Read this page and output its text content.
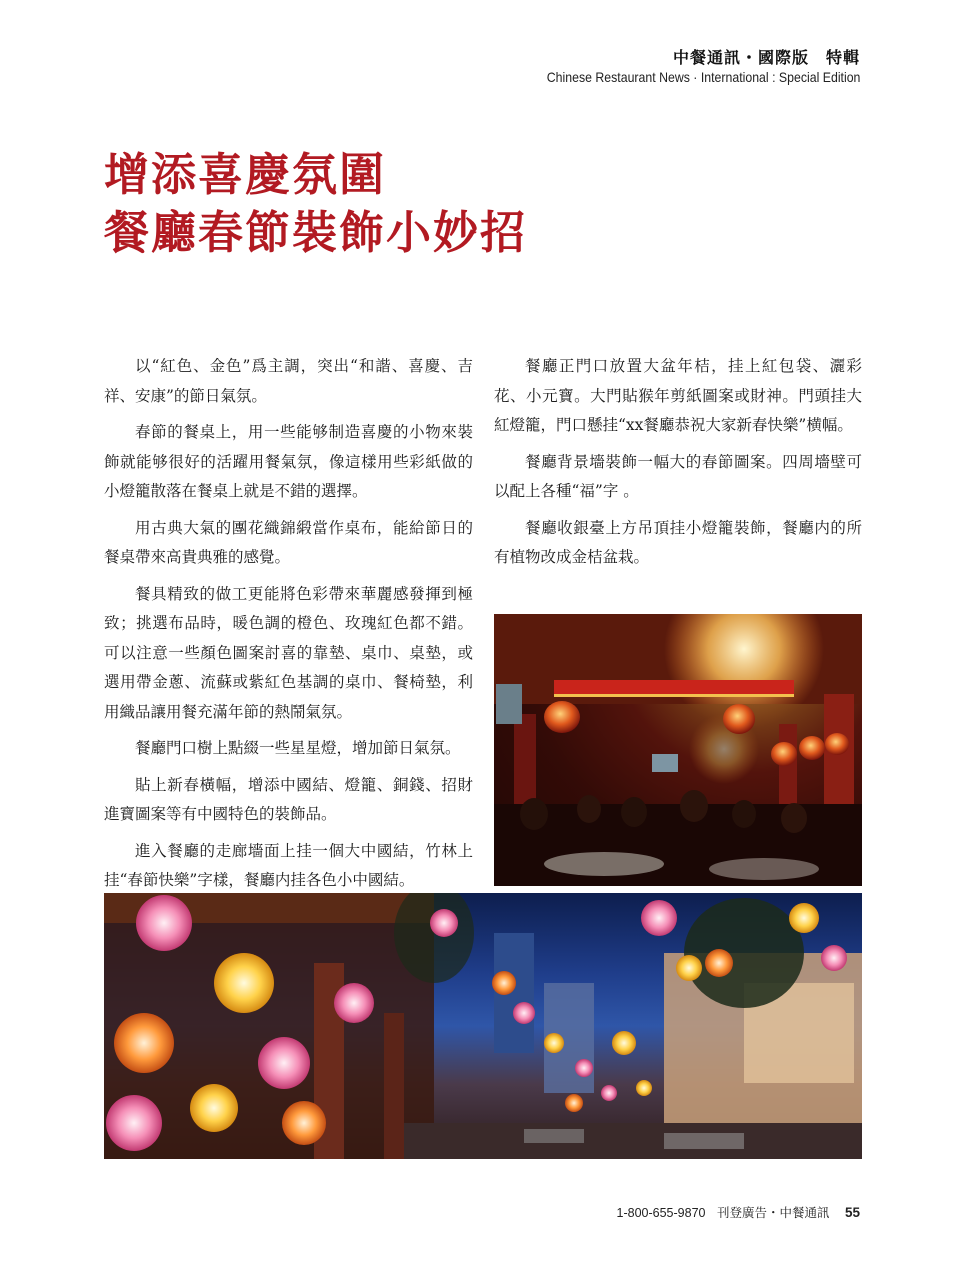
中餐通訊・國際版　特輯
Chinese Restaurant News · International : Special Edition
增添喜慶氛圍
餐廳春節裝飾小妙招

以“紅色、金色”爲主調，突出“和諧、喜慶、吉祥、安康”的節日氣氛。

春節的餐桌上，用一些能够制造喜慶的小物來裝飾就能够很好的活躍用餐氣氛，像這樣用些彩紙做的小燈籠散落在餐桌上就是不錯的選擇。

用古典大氣的團花織錦緞當作桌布，能給節日的餐桌帶來高貴典雅的感覺。

餐具精致的做工更能將色彩帶來華麗感發揮到極致；挑選布品時，暖色調的橙色、玫瑰紅色都不錯。可以注意一些顏色圖案討喜的靠墊、桌巾、桌墊，或選用帶金蔥、流蘇或紫紅色基調的桌巾、餐椅墊，利用織品讓用餐充滿年節的熱鬧氣氛。

餐廳門口樹上點綴一些星星燈，增加節日氣氛。

貼上新春橫幅，增添中國結、燈籠、銅錢、招財進寶圖案等有中國特色的裝飾品。

進入餐廳的走廊墻面上挂一個大中國結，竹林上挂“春節快樂”字樣，餐廳内挂各色小中國結。

餐廳正門口放置大盆年桔，挂上紅包袋、灑彩花、小元寶。大門貼猴年剪紙圖案或財神。門頭挂大紅燈籠，門口懸挂“xx餐廳恭祝大家新春快樂”横幅。

餐廳背景墻裝飾一幅大的春節圖案。四周墻壁可以配上各種“福”字 。

餐廳收銀臺上方吊頂挂小燈籠裝飾，餐廳内的所有植物改成金桔盆栽。

1-800-655-9870 刊登廣告・中餐通訊 55
